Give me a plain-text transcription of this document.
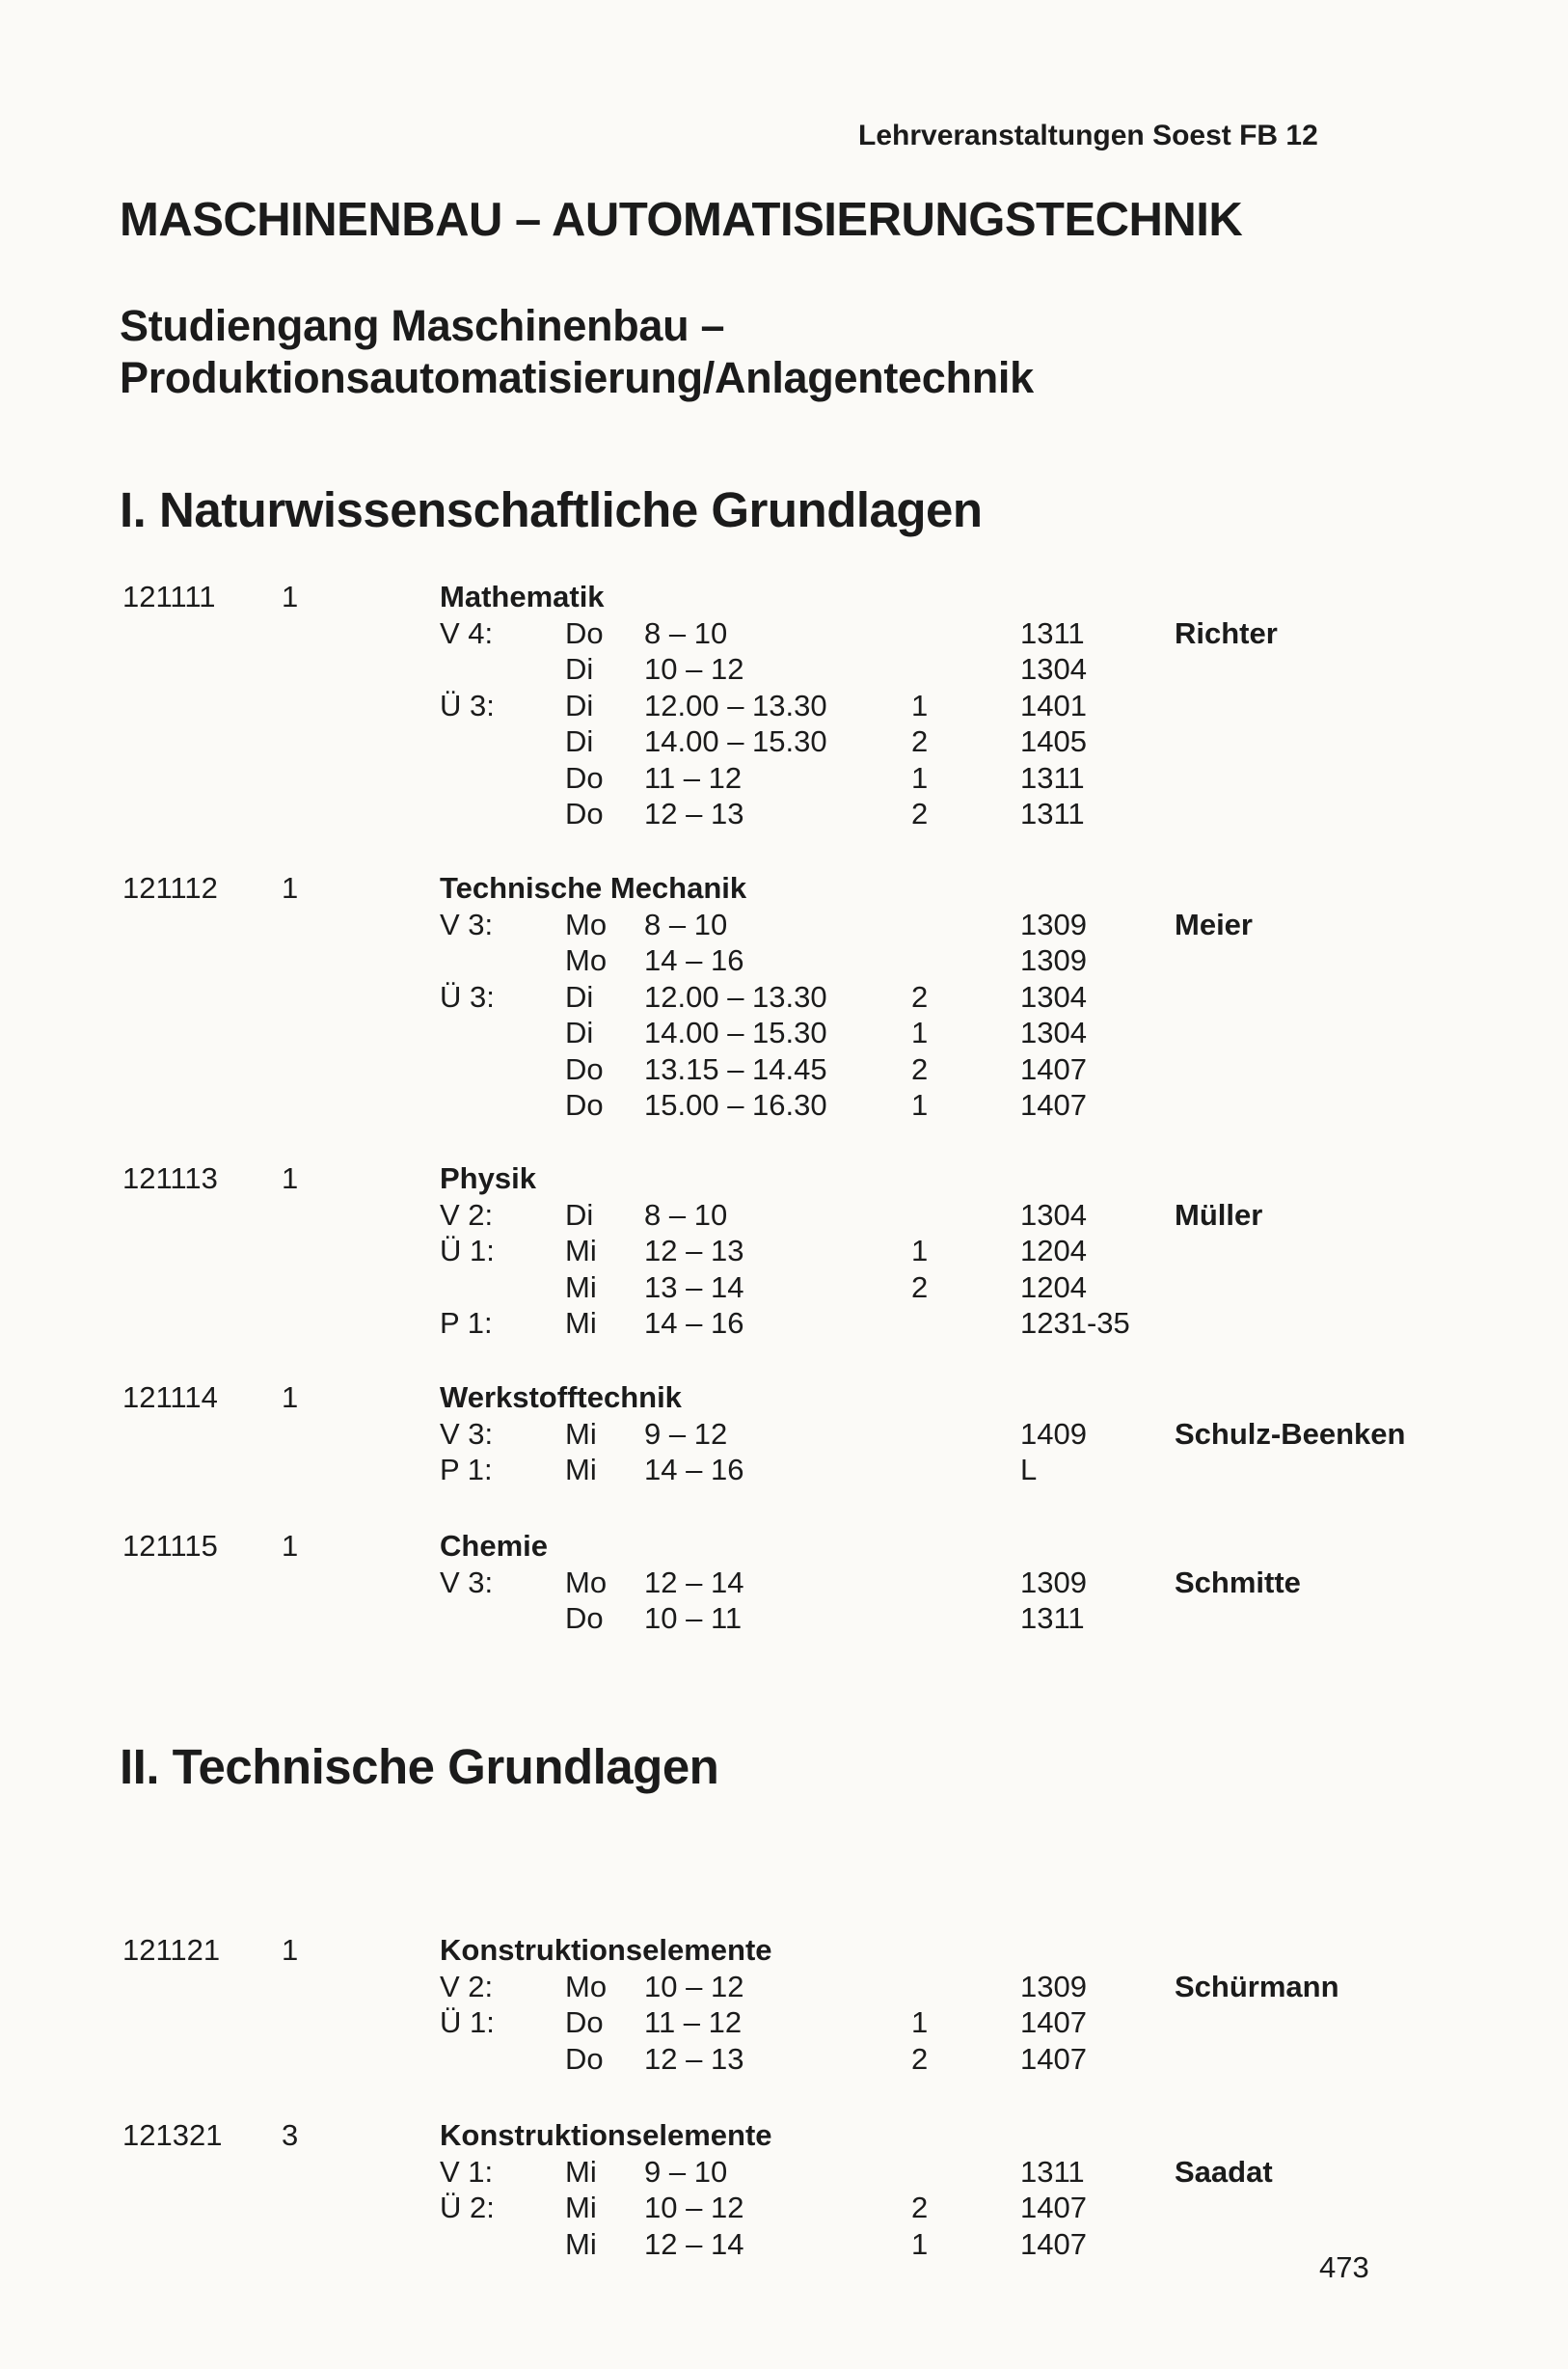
Lehrveranstaltungen Soest FB 12
MASCHINENBAU – AUTOMATISIERUNGSTECHNIK
Studiengang Maschinenbau –
Produktionsautomatisierung/Anlagentechnik
I. Naturwissenschaftliche Grundlagen
II. Technische Grundlagen
121111 1	Mathematik
V 4: Do 8 – 10	1311	Richter
Di 10 – 12	1304
Ü 3: Di 12.00 – 13.30	1	1401
Di 14.00 – 15.30	2	1405
Do 11 – 12	1	1311
Do 12 – 13	2	1311
121112 1	Technische Mechanik
V 3: Mo 8 – 10	1309	Meier
Mo 14 – 16	1309
Ü 3: Di 12.00 – 13.30	2	1304
Di 14.00 – 15.30	1	1304
Do 13.15 – 14.45	2	1407
Do 15.00 – 16.30	1	1407
121113 1	Physik
V 2: Di 8 – 10	1304	Müller
Ü 1: Mi 12 – 13	1	1204
Mi 13 – 14	2	1204
P 1: Mi 14 – 16	1231-35
121114 1	Werkstofftechnik
V 3: Mi 9 – 12	1409	Schulz-Beenken
P 1: Mi 14 – 16	L
121115 1	Chemie
V 3: Mo 12 – 14	1309	Schmitte
Do 10 – 11	1311
121121 1	Konstruktionselemente
V 2: Mo 10 – 12	1309	Schürmann
Ü 1: Do 11 – 12	1	1407
Do 12 – 13	2	1407
121321 3	Konstruktionselemente
V 1: Mi 9 – 10	1311	Saadat
Ü 2: Mi 10 – 12	2	1407
Mi 12 – 14	1	1407
473
